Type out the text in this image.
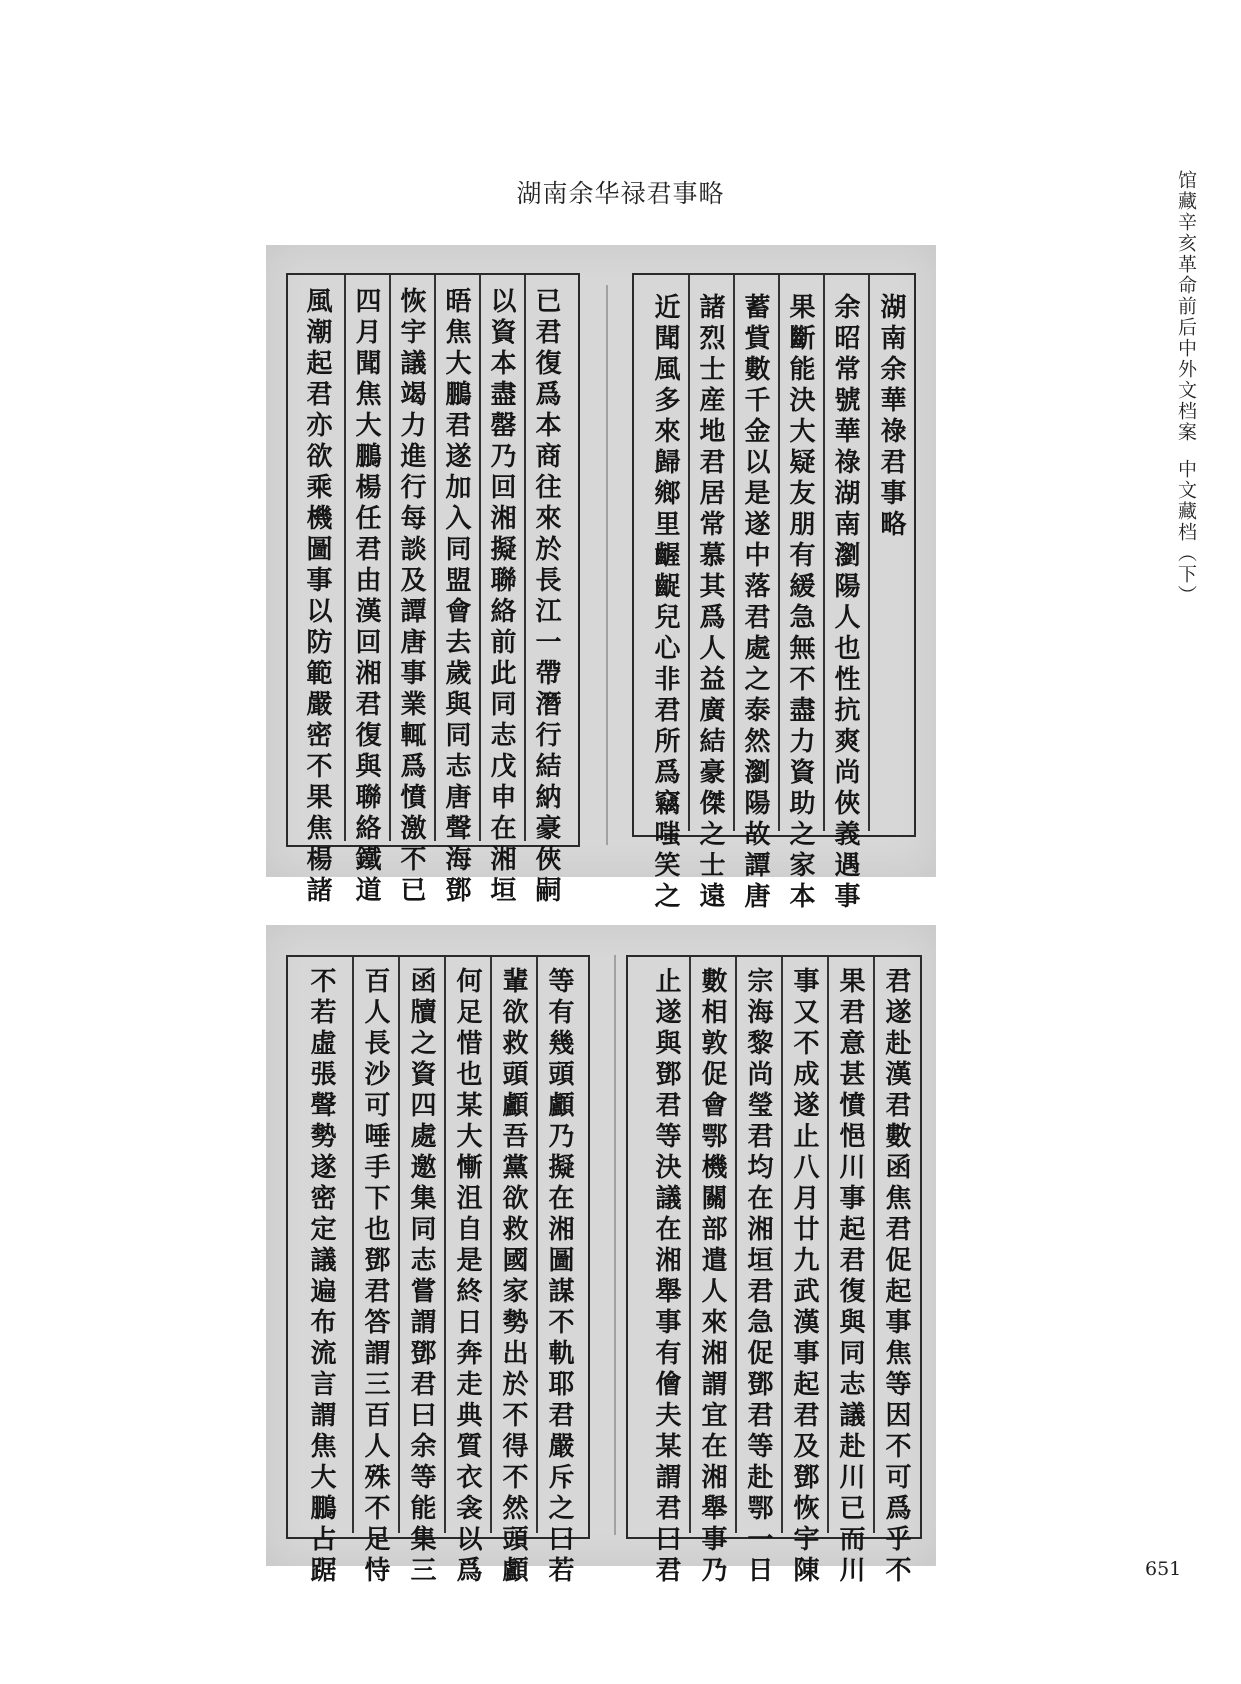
湖南余华禄君事略	馆藏辛亥革命前后中外文档案中文藏档（下）
651
湖南余華祿君事略
余昭常號華祿湖南瀏陽人也性抗爽尚俠義遇事
果斷能決大疑友朋有緩急無不盡力資助之家本
蓄貲數千金以是遂中落君處之泰然瀏陽故譚唐
諸烈士産地君居常慕其爲人益廣結豪傑之士遠
近聞風多來歸鄉里齷齪兒心非君所爲竊嗤笑之
已君復爲本商往來於長江一帶潛行結納豪俠嗣
以資本盡罄乃回湘擬聯絡前此同志戊申在湘垣
晤焦大鵬君遂加入同盟會去歲與同志唐聲海鄧
恢宇議竭力進行每談及譚唐事業輒爲憤激不已
四月聞焦大鵬楊任君由漢回湘君復與聯絡鐵道
風潮起君亦欲乘機圖事以防範嚴密不果焦楊諸
君遂赴漢君數函焦君促起事焦等因不可爲乎不
果君意甚憤悒川事起君復與同志議赴川已而川
事又不成遂止八月廿九武漢事起君及鄧恢宇陳
宗海黎尚瑩君均在湘垣君急促鄧君等赴鄂一日
數相敦促會鄂機關部遣人來湘謂宜在湘舉事乃
止遂與鄧君等決議在湘舉事有儈夫某謂君曰君
等有幾頭顱乃擬在湘圖謀不軌耶君嚴斥之曰若
輩欲救頭顱吾黨欲救國家勢出於不得不然頭顱
何足惜也某大慚沮自是終日奔走典質衣衾以爲
函牘之資四處邀集同志嘗謂鄧君曰余等能集三
百人長沙可唾手下也鄧君答謂三百人殊不足恃
不若虛張聲勢遂密定議遍布流言謂焦大鵬占踞
